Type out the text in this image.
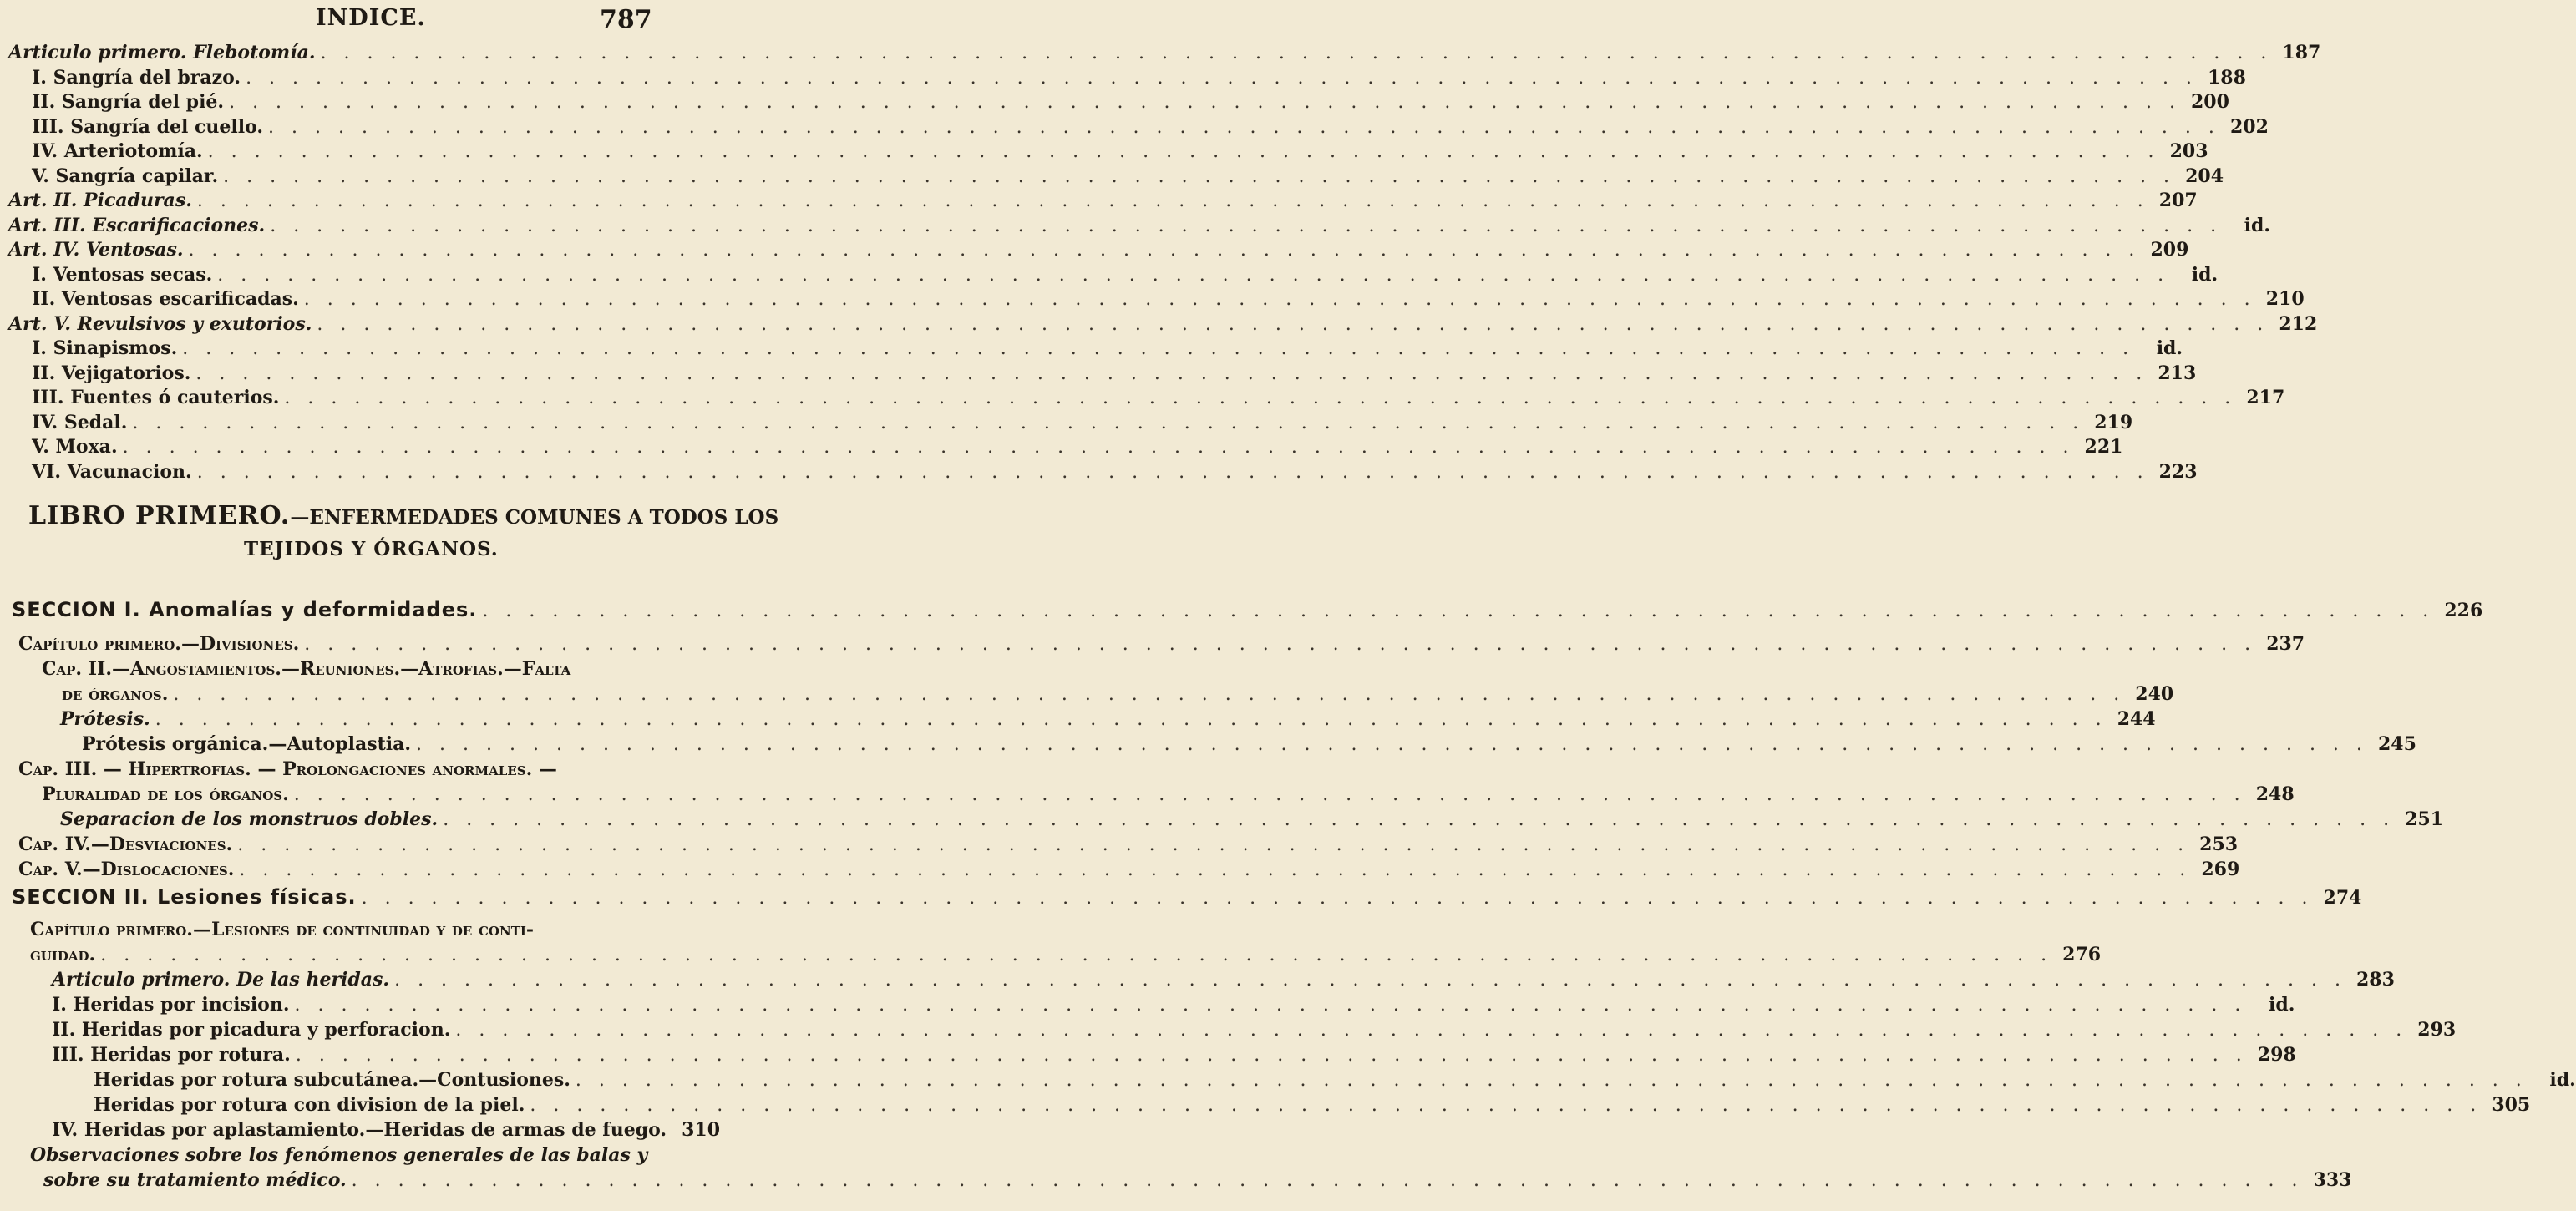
INDICE.	787
Articulo primero. Flebotomía. . . .	187
I. Sangría del brazo. . . .	188
II. Sangría del pié. . . .	200
III. Sangría del cuello. . . .	202
IV. Arteriotomía. . . .	203
V. Sangría capilar. . . .	204
Art. II. Picaduras. . . .	207
Art. III. Escarificaciones. . . .	id.
Art. IV. Ventosas. . . .	209
I. Ventosas secas. . . .	id.
II. Ventosas escarificadas. . . .	210
Art. V. Revulsivos y exutorios. . . .	212
I. Sinapismos. . . .	id.
II. Vejigatorios. . . .	213
III. Fuentes ó cauterios. . . .	217
IV. Sedal. . . .	219
V. Moxa. . . .	221
VI. Vacunacion. . . .	223
LIBRO PRIMERO.—ENFERMEDADES COMUNES A TODOS LOS
TEJIDOS Y ÓRGANOS.
SECCION I. Anomalías y deformidades. . . .	226
Capítulo primero.—Divisiones. . . .	237
Cap. II.—Angostamientos.—Reuniones.—Atrofias.—Falta
de órganos. . . .	240
Prótesis. . . .	244
Prótesis orgánica.—Autoplastia. . . .	245
Cap. III. — Hipertrofias. — Prolongaciones anormales. —
Pluralidad de los órganos. . . .	248
Separacion de los monstruos dobles. . . .	251
Cap. IV.—Desviaciones. . . .	253
Cap. V.—Dislocaciones. . . .	269
SECCION II. Lesiones físicas. . . .	274
Capítulo primero.—Lesiones de continuidad y de conti-
guidad. . . .	276
Articulo primero. De las heridas. . . .	283
I. Heridas por incision. . . .	id.
II. Heridas por picadura y perforacion. . . .	293
III. Heridas por rotura. . . .	298
Heridas por rotura subcutánea.—Contusiones. . . .	id.
Heridas por rotura con division de la piel. . . .	305
IV. Heridas por aplastamiento.—Heridas de armas de fuego. 310
Observaciones sobre los fenómenos generales de las balas y
sobre su tratamiento médico. . . .	333
